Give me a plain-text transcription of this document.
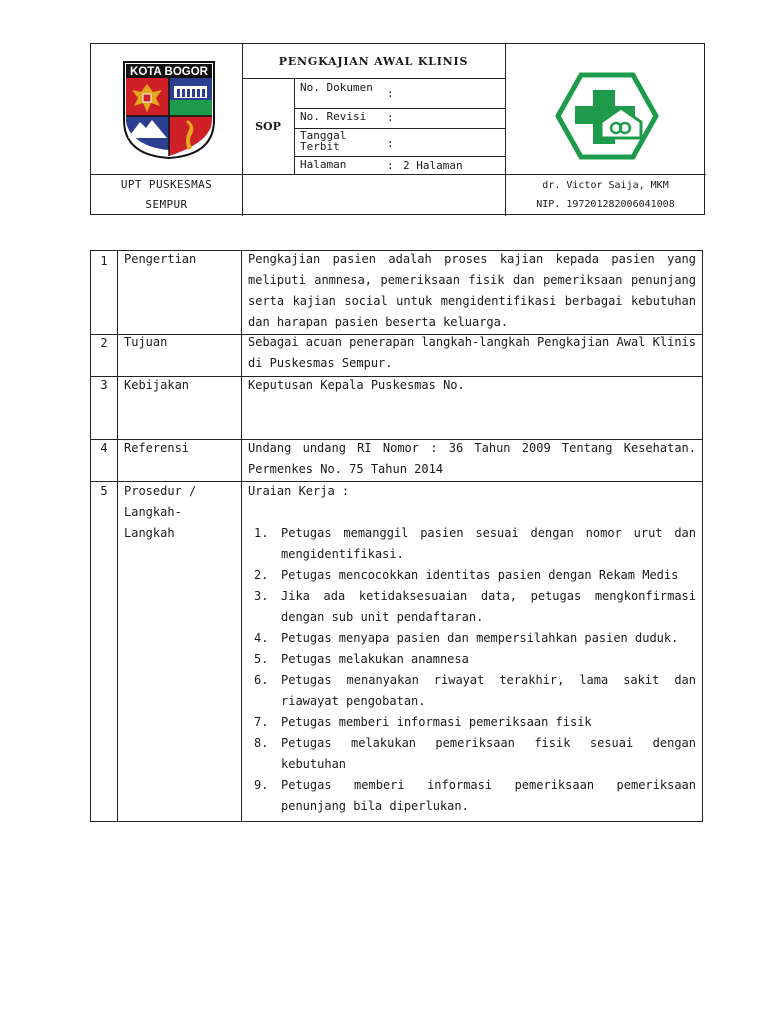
KOTA BOGOR
PENGKAJIAN AWAL KLINIS
SOP
No. Dokumen	:
No. Revisi	:
Tanggal Terbit	:
Halaman	: 2 Halaman
UPT PUSKESMAS
SEMPUR
dr. Victor Saija, MKM
NIP. 197201282006041008
1	Pengertian	Pengkajian pasien adalah proses kajian kepada pasien yang meliputi anmnesa, pemeriksaan fisik dan pemeriksaan penunjang serta kajian social untuk mengidentifikasi berbagai kebutuhan dan harapan pasien beserta keluarga.
2	Tujuan	Sebagai acuan penerapan langkah-langkah Pengkajian Awal Klinis di Puskesmas Sempur.
3	Kebijakan	Keputusan Kepala Puskesmas No.
4	Referensi	Undang undang RI Nomor : 36 Tahun 2009 Tentang Kesehatan. Permenkes No. 75 Tahun 2014
5	Prosedur / Langkah-Langkah
Uraian Kerja :
1. Petugas memanggil pasien sesuai dengan nomor urut dan mengidentifikasi.
2. Petugas mencocokkan identitas pasien dengan Rekam Medis
3. Jika ada ketidaksesuaian data, petugas mengkonfirmasi dengan sub unit pendaftaran.
4. Petugas menyapa pasien dan mempersilahkan pasien duduk.
5. Petugas melakukan anamnesa
6. Petugas menanyakan riwayat terakhir, lama sakit dan riawayat pengobatan.
7. Petugas memberi informasi pemeriksaan fisik
8. Petugas melakukan pemeriksaan fisik sesuai dengan kebutuhan
9. Petugas memberi informasi pemeriksaan pemeriksaan penunjang bila diperlukan.
